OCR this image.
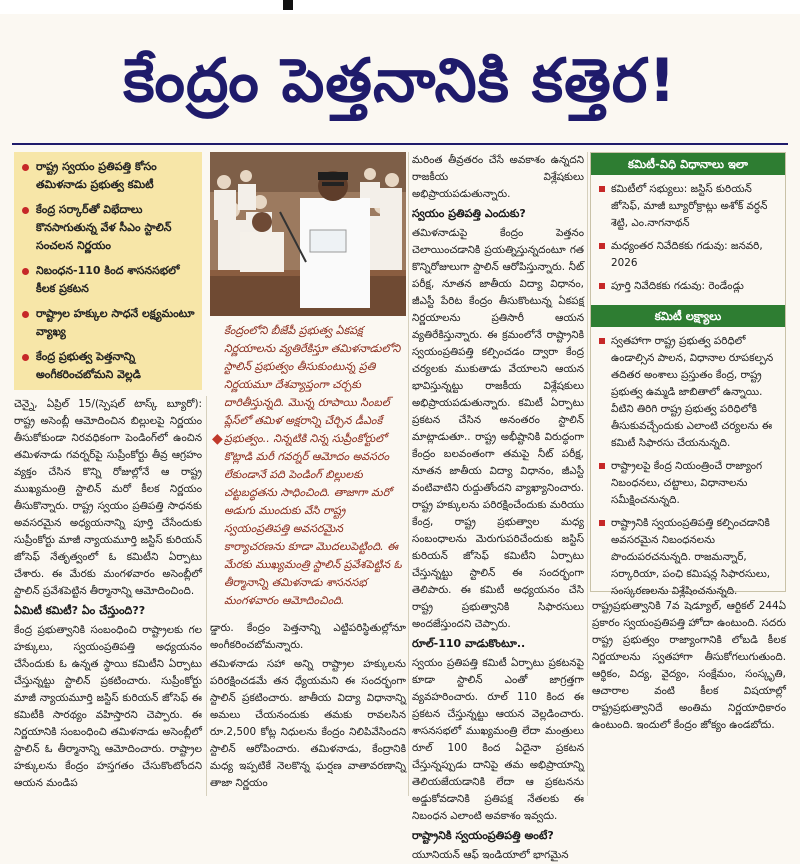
కేంద్రం పెత్తనానికి కత్తెర!
రాష్ట్ర స్వయం ప్రతిపత్తి కోసం తమిళనాడు ప్రభుత్వ కమిటీ
కేంద్ర సర్కార్‌తో విభేదాలు కొనసాగుతున్న వేళ సీఎం స్టాలిన్ సంచలన నిర్ణయం
నిబంధన-110 కింద శాసనసభలో కీలక ప్రకటన
రాష్ట్రాల హక్కుల సాధనే లక్ష్యమంటూ వ్యాఖ్య
కేంద్ర ప్రభుత్వ పెత్తనాన్ని అంగీకరించబోమని వెల్లడి
◆
కేంద్రంలోని బీజేపీ ప్రభుత్వ ఏకపక్ష నిర్ణయాలను వ్యతిరేకిస్తూ తమిళనాడులోని స్టాలిన్ ప్రభుత్వం తీసుకుంటున్న ప్రతి నిర్ణయమూ దేశవ్యాప్తంగా చర్చకు దారితీస్తున్నది. మొన్న రూపాయి సింబల్ ప్లేస్‌లో తమిళ అక్షరాన్ని చేర్చిన డీఎంకే ప్రభుత్వం.. నిన్నటికి నిన్న సుప్రీంకోర్టులో కొట్లాడి మరీ గవర్నర్ ఆమోదం అవసరం లేకుండానే పది పెండింగ్ బిల్లులకు చట్టబద్ధతను సాధించింది. తాజాగా మరో అడుగు ముందుకు వేసి రాష్ట్ర స్వయంప్రతిపత్తి అవసరమైన కార్యాచరణను కూడా మొదలుపెట్టింది. ఈ మేరకు ముఖ్యమంత్రి స్టాలిన్ ప్రవేశపెట్టిన ఓ తీర్మానాన్ని తమిళనాడు శాసనసభ మంగళవారం ఆమోదించింది.

చెన్నై, ఏప్రిల్ 15/(స్పెషల్ టాస్క్ బ్యూరో): రాష్ట్ర అసెంబ్లీ ఆమోదించిన బిల్లులపై నిర్ణయం తీసుకోకుండా నిరవధికంగా పెండింగ్‌లో ఉంచిన తమిళనాడు గవర్నర్‌పై సుప్రీంకోర్టు తీవ్ర ఆగ్రహం వ్యక్తం చేసిన కొన్ని రోజుల్లోనే ఆ రాష్ట్ర ముఖ్యమంత్రి స్టాలిన్ మరో కీలక నిర్ణయం తీసుకొన్నారు. రాష్ట్ర స్వయం ప్రతిపత్తి సాధనకు అవసరమైన అధ్యయనాన్ని పూర్తి చేసేందుకు సుప్రీంకోర్టు మాజీ న్యాయమూర్తి జస్టిస్ కురియన్ జోసెఫ్ నేతృత్వంలో ఓ కమిటీని ఏర్పాటు చేశారు. ఈ మేరకు మంగళవారం అసెంబ్లీలో స్టాలిన్ ప్రవేశపెట్టిన తీర్మానాన్ని ఆమోదించింది.

ఏమిటీ కమిటీ? ఏం చేస్తుంది??

కేంద్ర ప్రభుత్వానికి సంబంధించి రాష్ట్రాలకు గల హక్కులు, స్వయంప్రతిపత్తి అధ్యయనం చేసేందుకు ఓ ఉన్నత స్థాయి కమిటీని ఏర్పాటు చేస్తున్నట్టు స్టాలిన్ ప్రకటించారు. సుప్రీంకోర్టు మాజీ న్యాయమూర్తి జస్టిస్ కురియన్ జోసెఫ్ ఈ కమిటీకి సారథ్యం వహిస్తారని చెప్పారు. ఈ నిర్ణయానికి సంబంధించి తమిళనాడు అసెంబ్లీలో స్టాలిన్ ఓ తీర్మానాన్ని ఆమోదించారు. రాష్ట్రాల హక్కులను కేంద్రం హస్తగతం చేసుకొంటోందని ఆయన మండిప

డ్డారు. కేంద్రం పెత్తనాన్ని ఎట్టిపరిస్థితుల్లోనూ అంగీకరించబోమన్నారు.

తమిళనాడు సహా అన్ని రాష్ట్రాల హక్కులను పరిరక్షించడమే తన ధ్యేయమని ఈ సందర్భంగా స్టాలిన్ ప్రకటించారు. జాతీయ విద్యా విధానాన్ని అమలు చేయనందుకు తమకు రావలసిన రూ.2,500 కోట్ల నిధులను కేంద్రం నిలిపివేసిందని స్టాలిన్ ఆరోపించారు. తమిళనాడు, కేంద్రానికి మధ్య ఇప్పటికే నెలకొన్న ఘర్షణ వాతావరణాన్ని తాజా నిర్ణయం

మరింత తీవ్రతరం చేసే అవకాశం ఉన్నదని రాజకీయ విశ్లేషకులు అభిప్రాయపడుతున్నారు.

స్వయం ప్రతిపత్తి ఎందుకు?

తమిళనాడుపై కేంద్రం పెత్తనం చెలాయించడానికి ప్రయత్నిస్తున్నదంటూ గత కొన్నిరోజులుగా స్టాలిన్ ఆరోపిస్తున్నారు. నీట్ పరీక్ష, నూతన జాతీయ విద్యా విధానం, జీఎస్టీ పేరిట కేంద్రం తీసుకొంటున్న ఏకపక్ష నిర్ణయాలను ప్రతిసారీ ఆయన వ్యతిరేకిస్తున్నారు. ఈ క్రమంలోనే రాష్ట్రానికి స్వయంప్రతిపత్తి కల్పించడం ద్వారా కేంద్ర చర్యలకు ముకుతాడు వేయాలని ఆయన భావిస్తున్నట్టు రాజకీయ విశ్లేషకులు అభిప్రాయపడుతున్నారు. కమిటీ ఏర్పాటు ప్రకటన చేసిన అనంతరం స్టాలిన్ మాట్లాడుతూ.. రాష్ట్ర అభీష్టానికి విరుద్ధంగా కేంద్రం బలవంతంగా తమపై నీట్ పరీక్ష, నూతన జాతీయ విద్యా విధానం, జీఎస్టీ వంటివాటిని రుద్దుతోందని వ్యాఖ్యానించారు. రాష్ట్ర హక్కులను పరిరక్షించేందుకు మరియు కేంద్ర, రాష్ట్ర ప్రభుత్వాల మధ్య సంబంధాలను మెరుగుపరిచేందుకు జస్టిస్ కురియన్ జోసెఫ్ కమిటీని ఏర్పాటు చేస్తున్నట్టు స్టాలిన్ ఈ సందర్భంగా తెలిపారు. ఈ కమిటీ అధ్యయనం చేసి రాష్ట్ర ప్రభుత్వానికి సిఫారసులు అందజేస్తుందని చెప్పారు.

రూల్-110 వాడుకొంటూ..

స్వయం ప్రతిపత్తి కమిటీ ఏర్పాటు ప్రకటనపై కూడా స్టాలిన్ ఎంతో జాగ్రత్తగా వ్యవహరించారు. రూల్ 110 కింద ఈ ప్రకటన చేస్తున్నట్టు ఆయన వెల్లడించారు. శాసనసభలో ముఖ్యమంత్రి లేదా మంత్రులు రూల్ 100 కింద ఏదైనా ప్రకటన చేస్తున్నప్పుడు దానిపై తమ అభిప్రాయాన్ని తెలియజేయడానికి లేదా ఆ ప్రకటనను అడ్డుకోవడానికి ప్రతిపక్ష నేతలకు ఈ నిబంధన ఎలాంటి అవకాశం ఇవ్వదు.

రాష్ట్రానికి స్వయంప్రతిపత్తి అంటే?

యూనియన్ ఆఫ్ ఇండియాలో భాగమైన

కమిటీ-విధి విధానాలు ఇలా
కమిటీలో సభ్యులు: జస్టిస్ కురియన్ జోసెఫ్, మాజీ బ్యూరోక్రాట్లు అశోక్ వర్ధన్ శెట్టి, ఎం.నాగనాథన్
మధ్యంతర నివేదికకు గడువు: జనవరి, 2026
పూర్తి నివేదికకు గడువు: రెండేండ్లు
కమిటీ లక్ష్యాలు
స్వతహాగా రాష్ట్ర ప్రభుత్వ పరిధిలో ఉండాల్సిన పాలన, విధానాల రూపకల్పన తదితర అంశాలు ప్రస్తుతం కేంద్ర, రాష్ట్ర ప్రభుత్వ ఉమ్మడి జాబితాలో ఉన్నాయి. వీటిని తిరిగి రాష్ట్ర ప్రభుత్వ పరిధిలోకి తీసుకువచ్చేందుకు ఎలాంటి చర్యలను ఈ కమిటీ సిఫారసు చేయనున్నది.
రాష్ట్రాలపై కేంద్ర నియంత్రించే రాజ్యాంగ నిబంధనలు, చట్టాలు, విధానాలను సమీక్షించనున్నది.
రాష్ట్రానికి స్వయంప్రతిపత్తి కల్పించడానికి అవసరమైన నిబంధనలను పొందుపరచనున్నది. రాజమన్నార్, సర్కారియా, పంఛి కమిషన్ల సిఫారసులు, సంస్కరణలను విశ్లేషించనున్నది.

రాష్ట్రప్రభుత్వానికి 7వ షెడ్యూల్, ఆర్టికల్ 244ఏ ప్రకారం స్వయంప్రతిపత్తి హోదా ఉంటుంది. సదరు రాష్ట్ర ప్రభుత్వం రాజ్యాంగానికి లోబడి కీలక నిర్ణయాలను స్వతహాగా తీసుకోగలుగుతుంది. ఆర్థికం, విద్య, వైద్యం, సంక్షేమం, సంస్కృతి, ఆచారాల వంటి కీలక విషయాల్లో రాష్ట్రప్రభుత్వానిదే అంతిమ నిర్ణయాధికారం ఉంటుంది. ఇందులో కేంద్రం జోక్యం ఉండబోదు.
